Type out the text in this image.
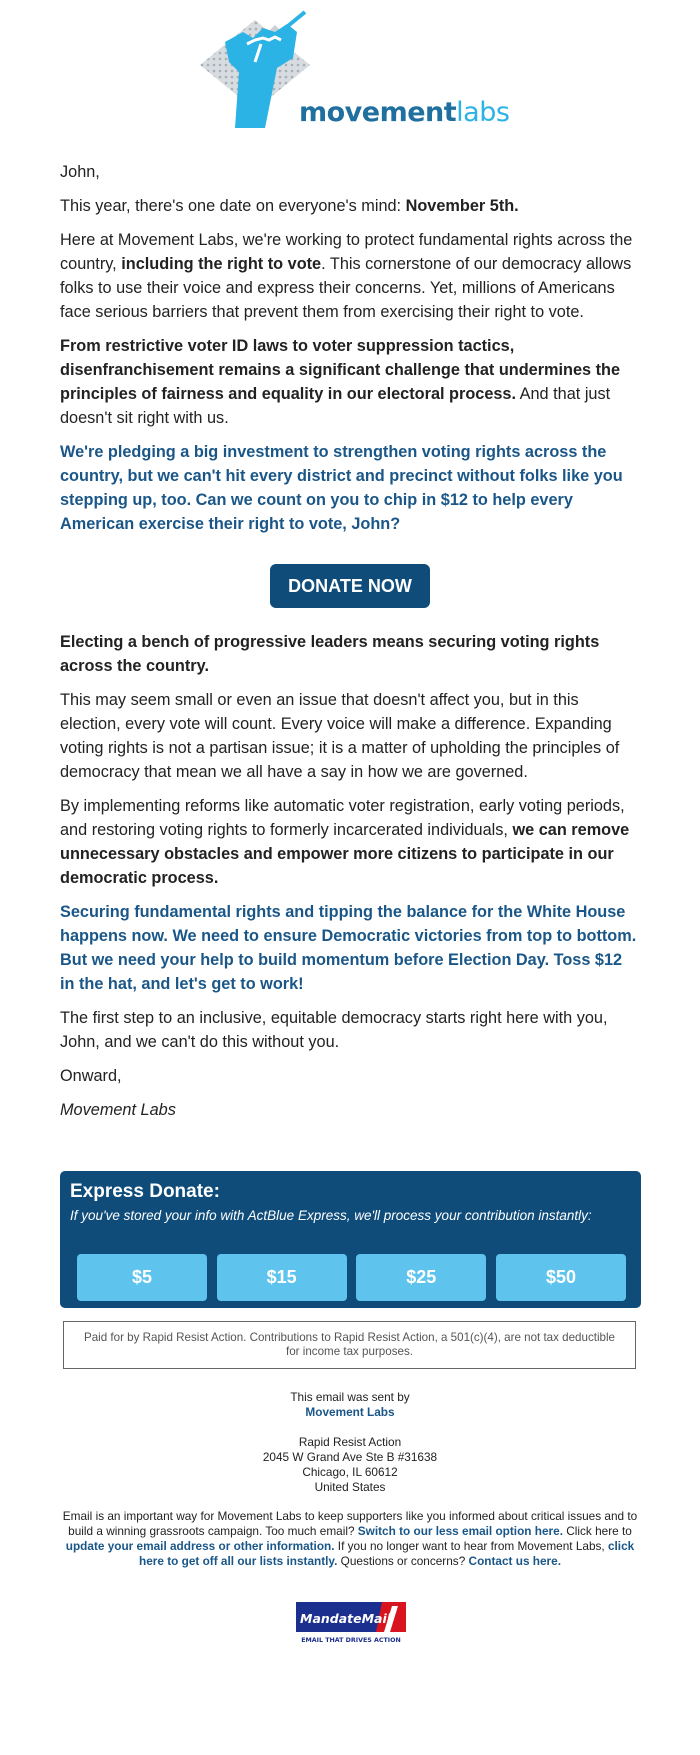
movementlabs

John,

This year, there's one date on everyone's mind: November 5th.

Here at Movement Labs, we're working to protect fundamental rights across the country, including the right to vote. This cornerstone of our democracy allows folks to use their voice and express their concerns. Yet, millions of Americans face serious barriers that prevent them from exercising their right to vote.

From restrictive voter ID laws to voter suppression tactics, disenfranchisement remains a significant challenge that undermines the principles of fairness and equality in our electoral process. And that just doesn't sit right with us.

We're pledging a big investment to strengthen voting rights across the country, but we can't hit every district and precinct without folks like you stepping up, too. Can we count on you to chip in $12 to help every American exercise their right to vote, John?

DONATE NOW

Electing a bench of progressive leaders means securing voting rights across the country.

This may seem small or even an issue that doesn't affect you, but in this election, every vote will count. Every voice will make a difference. Expanding voting rights is not a partisan issue; it is a matter of upholding the principles of democracy that mean we all have a say in how we are governed.

By implementing reforms like automatic voter registration, early voting periods, and restoring voting rights to formerly incarcerated individuals, we can remove unnecessary obstacles and empower more citizens to participate in our democratic process.

Securing fundamental rights and tipping the balance for the White House happens now. We need to ensure Democratic victories from top to bottom. But we need your help to build momentum before Election Day. Toss $12 in the hat, and let's get to work!

The first step to an inclusive, equitable democracy starts right here with you, John, and we can't do this without you.

Onward,

Movement Labs

Express Donate:
If you've stored your info with ActBlue Express, we'll process your contribution instantly:
$5	$15	$25	$50
Paid for by Rapid Resist Action. Contributions to Rapid Resist Action, a 501(c)(4), are not tax deductible for income tax purposes.
This email was sent by
Movement Labs
Rapid Resist Action
2045 W Grand Ave Ste B #31638
Chicago, IL 60612
United States
Email is an important way for Movement Labs to keep supporters like you informed about critical issues and to build a winning grassroots campaign. Too much email? Switch to our less email option here. Click here to update your email address or other information. If you no longer want to hear from Movement Labs, click here to get off all our lists instantly. Questions or concerns? Contact us here.
MandateMail
EMAIL THAT DRIVES ACTION
